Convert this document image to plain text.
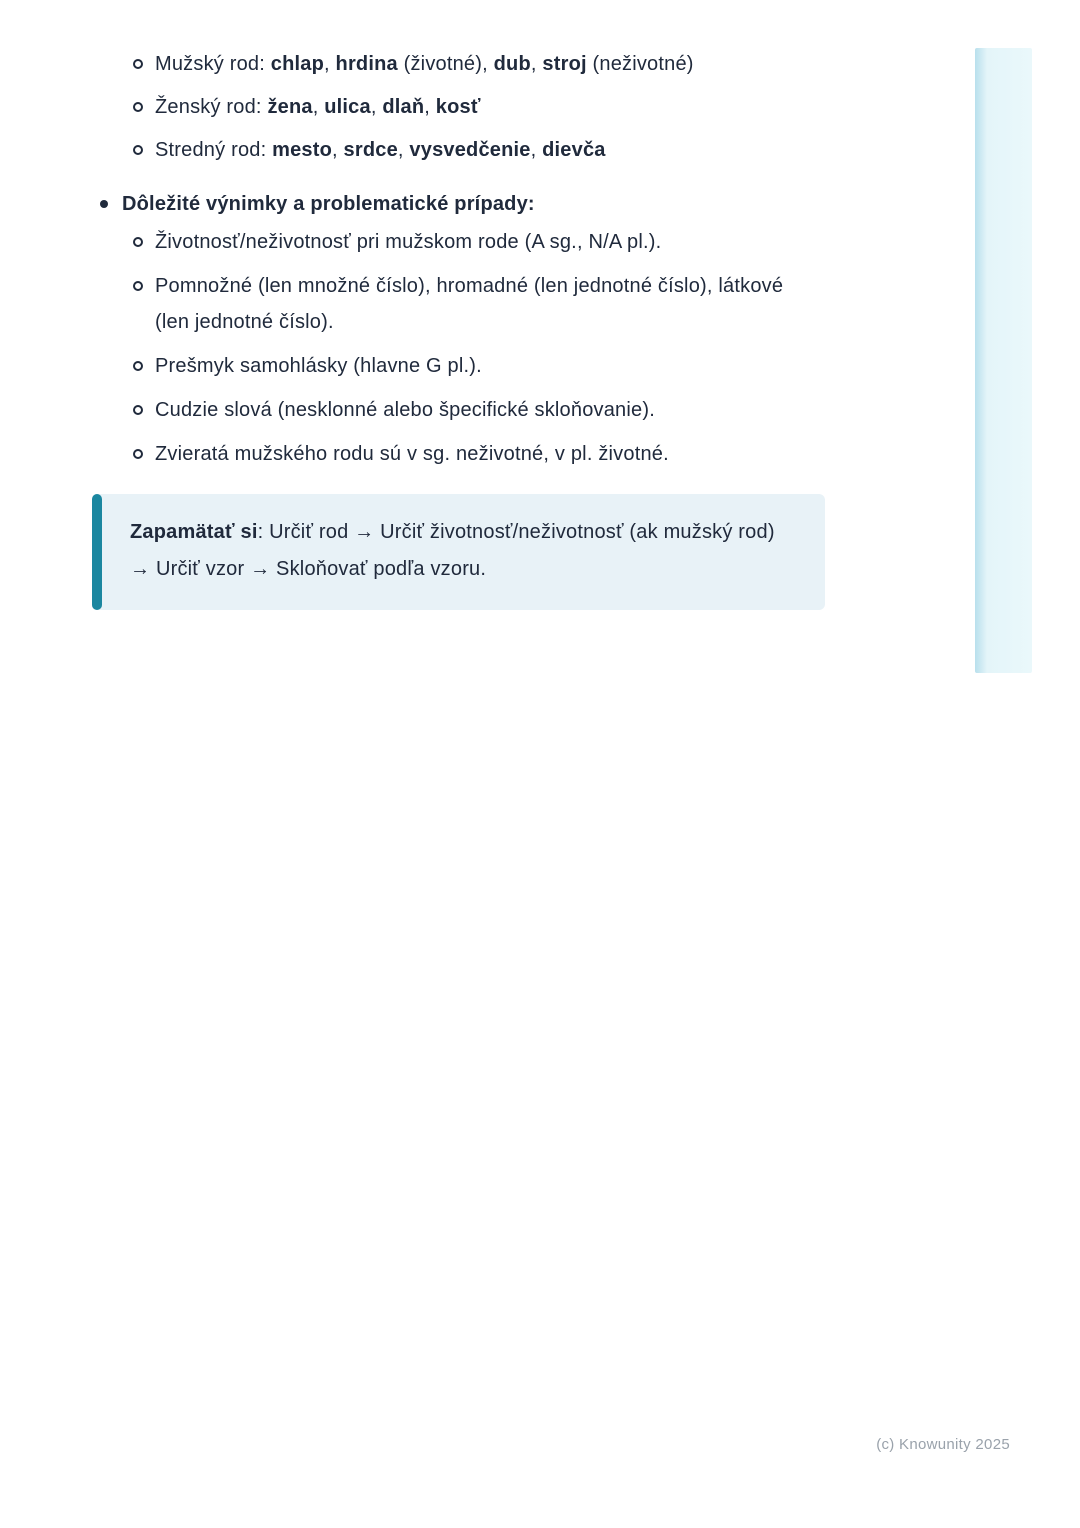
Mužský rod: chlap, hrdina (životné), dub, stroj (neživotné)
Ženský rod: žena, ulica, dlaň, kosť
Stredný rod: mesto, srdce, vysvedčenie, dievča
Dôležité výnimky a problematické prípady:
Životnosť/neživotnosť pri mužskom rode (A sg., N/A pl.).
Pomnožné (len množné číslo), hromadné (len jednotné číslo), látkové (len jednotné číslo).
Prešmyk samohlásky (hlavne G pl.).
Cudzie slová (nesklonné alebo špecifické skloňovanie).
Zvieratá mužského rodu sú v sg. neživotné, v pl. životné.

Zapamätať si: Určiť rod → Určiť životnosť/neživotnosť (ak mužský rod) → Určiť vzor → Skloňovať podľa vzoru.

(c) Knowunity 2025
